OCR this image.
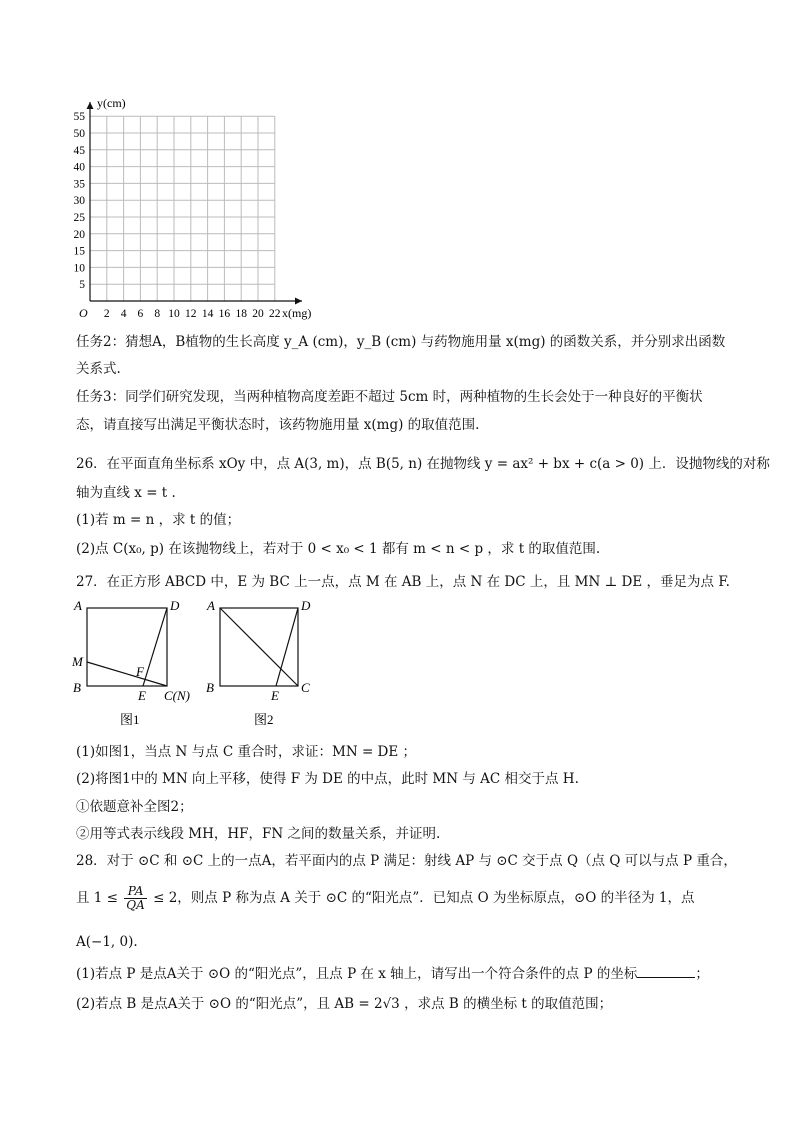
y(cm)
x(mg)
O
5
10
15
20
25
30
35
40
45
50
55
2 4 6 8 10 12 14 16 18 20 22
任务2：猜想A，B植物的生长高度 y_A (cm)，y_B (cm) 与药物施用量 x(mg) 的函数关系，并分别求出函数
关系式.
任务3：同学们研究发现，当两种植物高度差距不超过 5cm 时，两种植物的生长会处于一种良好的平衡状
态，请直接写出满足平衡状态时，该药物施用量 x(mg) 的取值范围.
26．在平面直角坐标系 xOy 中，点 A(3, m)，点 B(5, n) 在抛物线 y = ax² + bx + c(a > 0) 上．设抛物线的对称
轴为直线 x = t .
(1)若 m = n ，求 t 的值；
(2)点 C(x₀, p) 在该抛物线上，若对于 0 < x₀ < 1 都有 m < n < p ，求 t 的取值范围.
27．在正方形 ABCD 中，E 为 BC 上一点，点 M 在 AB 上，点 N 在 DC 上，且 MN ⊥ DE ，垂足为点 F.
A	D
M
F
B
E C(N)
图1
A	D
B
E
C
图2
(1)如图1，当点 N 与点 C 重合时，求证：MN = DE ；
(2)将图1中的 MN 向上平移，使得 F 为 DE 的中点，此时 MN 与 AC 相交于点 H.
①依题意补全图2；
②用等式表示线段 MH，HF，FN 之间的数量关系，并证明.
28．对于 ⊙C 和 ⊙C 上的一点A，若平面内的点 P 满足：射线 AP 与 ⊙C 交于点 Q（点 Q 可以与点 P 重合，
且 $1 \le \frac{PA}{QA} \le 2$，则点 P 称为点 A 关于 ⊙C 的“阳光点”．已知点 O 为坐标原点，⊙O 的半径为 1，点
A(−1, 0).
(1)若点 P 是点A关于 ⊙O 的“阳光点”，且点 P 在 x 轴上，请写出一个符合条件的点 P 的坐标	；
(2)若点 B 是点A关于 ⊙O 的“阳光点”，且 AB = 2√3 ，求点 B 的横坐标 t 的取值范围；
